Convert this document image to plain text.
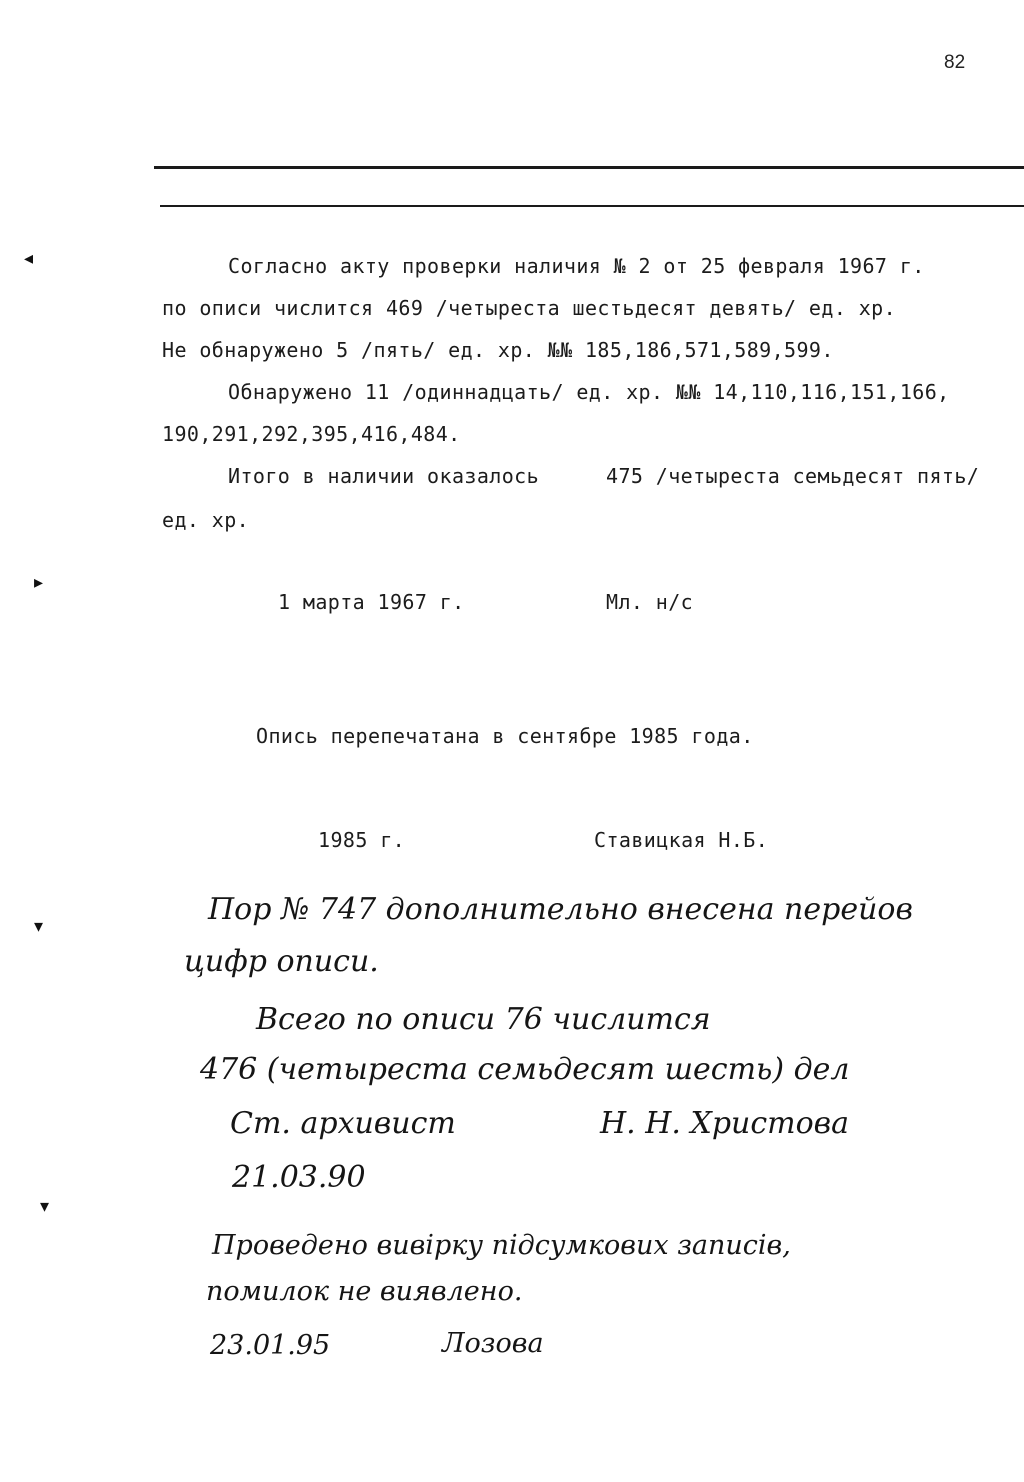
82
◂
▸
▾
▾
Согласно акту проверки наличия № 2 от 25 февраля 1967 г.
по описи числится 469 /четыреста шестьдесят девять/ ед. хр.
Не обнаружено 5 /пять/ ед. хр. №№ 185,186,571,589,599.
Обнаружено 11 /одиннадцать/ ед. хр. №№ 14,110,116,151,166,
190,291,292,395,416,484.
Итого в наличии оказалось	475 /четыреста семьдесят пять/
ед. хр.
1 марта 1967 г.	Мл. н/с
Опись перепечатана в сентябре 1985 года.
1985 г.	Ставицкая Н.Б.
Пор № 747 дополнительно внесена перейов
цифр описи.
Всего по описи 76 числится
476 (четыреста семьдесят шесть) дел
Ст. архивист	Н. Н. Христова
21.03.90
Проведено вивірку підсумкових записів,
помилок не виявлено.
23.01.95	Лозова
